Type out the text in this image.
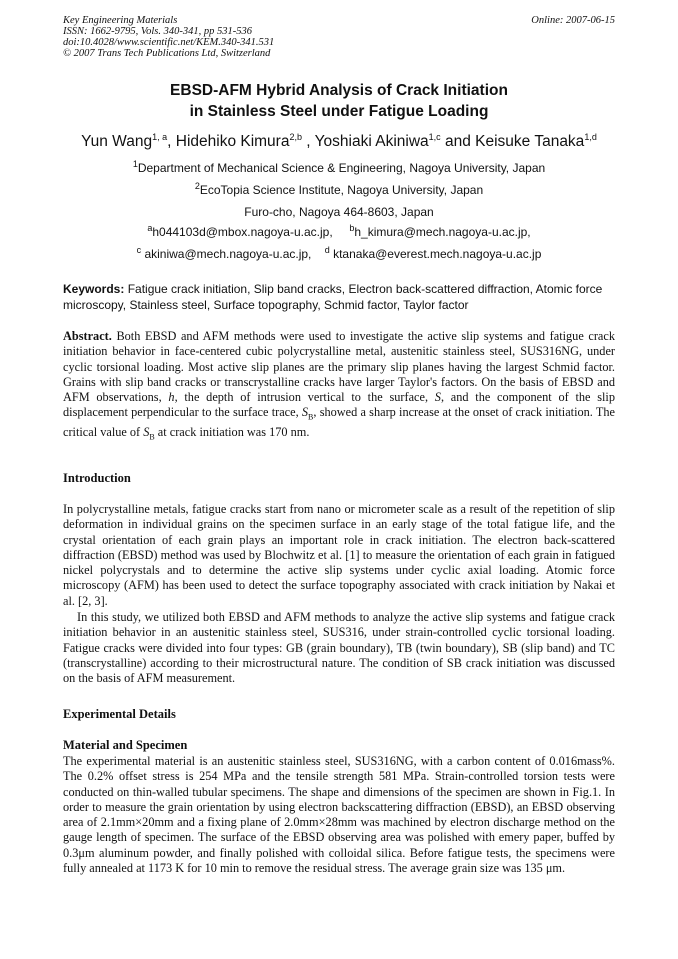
Key Engineering Materials
ISSN: 1662-9795, Vols. 340-341, pp 531-536
doi:10.4028/www.scientific.net/KEM.340-341.531
© 2007 Trans Tech Publications Ltd, Switzerland
Online: 2007-06-15
EBSD-AFM Hybrid Analysis of Crack Initiation
in Stainless Steel under Fatigue Loading
Yun Wang$^{1, a}$, Hidehiko Kimura$^{2,b}$ , Yoshiaki Akiniwa$^{1,c}$ and Keisuke Tanaka$^{1,d}$
$^1$Department of Mechanical Science & Engineering, Nagoya University, Japan
$^2$EcoTopia Science Institute, Nagoya University, Japan
Furo-cho, Nagoya 464-8603, Japan
$^a$h044103d@mbox.nagoya-u.ac.jp, $^b$h_kimura@mech.nagoya-u.ac.jp,
$^c$ akiniwa@mech.nagoya-u.ac.jp, $^d$ ktanaka@everest.mech.nagoya-u.ac.jp
Keywords: Fatigue crack initiation, Slip band cracks, Electron back-scattered diffraction, Atomic force microscopy, Stainless steel, Surface topography, Schmid factor, Taylor factor
Abstract. Both EBSD and AFM methods were used to investigate the active slip systems and fatigue crack initiation behavior in face-centered cubic polycrystalline metal, austenitic stainless steel, SUS316NG, under cyclic torsional loading. Most active slip planes are the primary slip planes having the largest Schmid factor. Grains with slip band cracks or transcrystalline cracks have larger Taylor's factors. On the basis of EBSD and AFM observations, h, the depth of intrusion vertical to the surface, S, and the component of the slip displacement perpendicular to the surface trace, $S_B$, showed a sharp increase at the onset of crack initiation. The critical value of $S_B$ at crack initiation was 170 nm.
Introduction
In polycrystalline metals, fatigue cracks start from nano or micrometer scale as a result of the repetition of slip deformation in individual grains on the specimen surface in an early stage of the total fatigue life, and the crystal orientation of each grain plays an important role in crack initiation. The electron back-scattered diffraction (EBSD) method was used by Blochwitz et al. [1] to measure the orientation of each grain in fatigued nickel polycrystals and to determine the active slip systems under cyclic axial loading. Atomic force microscopy (AFM) has been used to detect the surface topography associated with crack initiation by Nakai et al. [2, 3].
In this study, we utilized both EBSD and AFM methods to analyze the active slip systems and fatigue crack initiation behavior in an austenitic stainless steel, SUS316, under strain-controlled cyclic torsional loading. Fatigue cracks were divided into four types: GB (grain boundary), TB (twin boundary), SB (slip band) and TC (transcrystalline) according to their microstructural nature. The condition of SB crack initiation was discussed on the basis of AFM measurement.
Experimental Details
Material and Specimen
The experimental material is an austenitic stainless steel, SUS316NG, with a carbon content of 0.016mass%. The 0.2% offset stress is 254 MPa and the tensile strength 581 MPa. Strain-controlled torsion tests were conducted on thin-walled tubular specimens. The shape and dimensions of the specimen are shown in Fig.1. In order to measure the grain orientation by using electron backscattering diffraction (EBSD), an EBSD observing area of 2.1mm×20mm and a fixing plane of 2.0mm×28mm was machined by electron discharge method on the gauge length of specimen. The surface of the EBSD observing area was polished with emery paper, buffed by 0.3μm aluminum powder, and finally polished with colloidal silica. Before fatigue tests, the specimens were fully annealed at 1173 K for 10 min to remove the residual stress. The average grain size was 135 μm.
